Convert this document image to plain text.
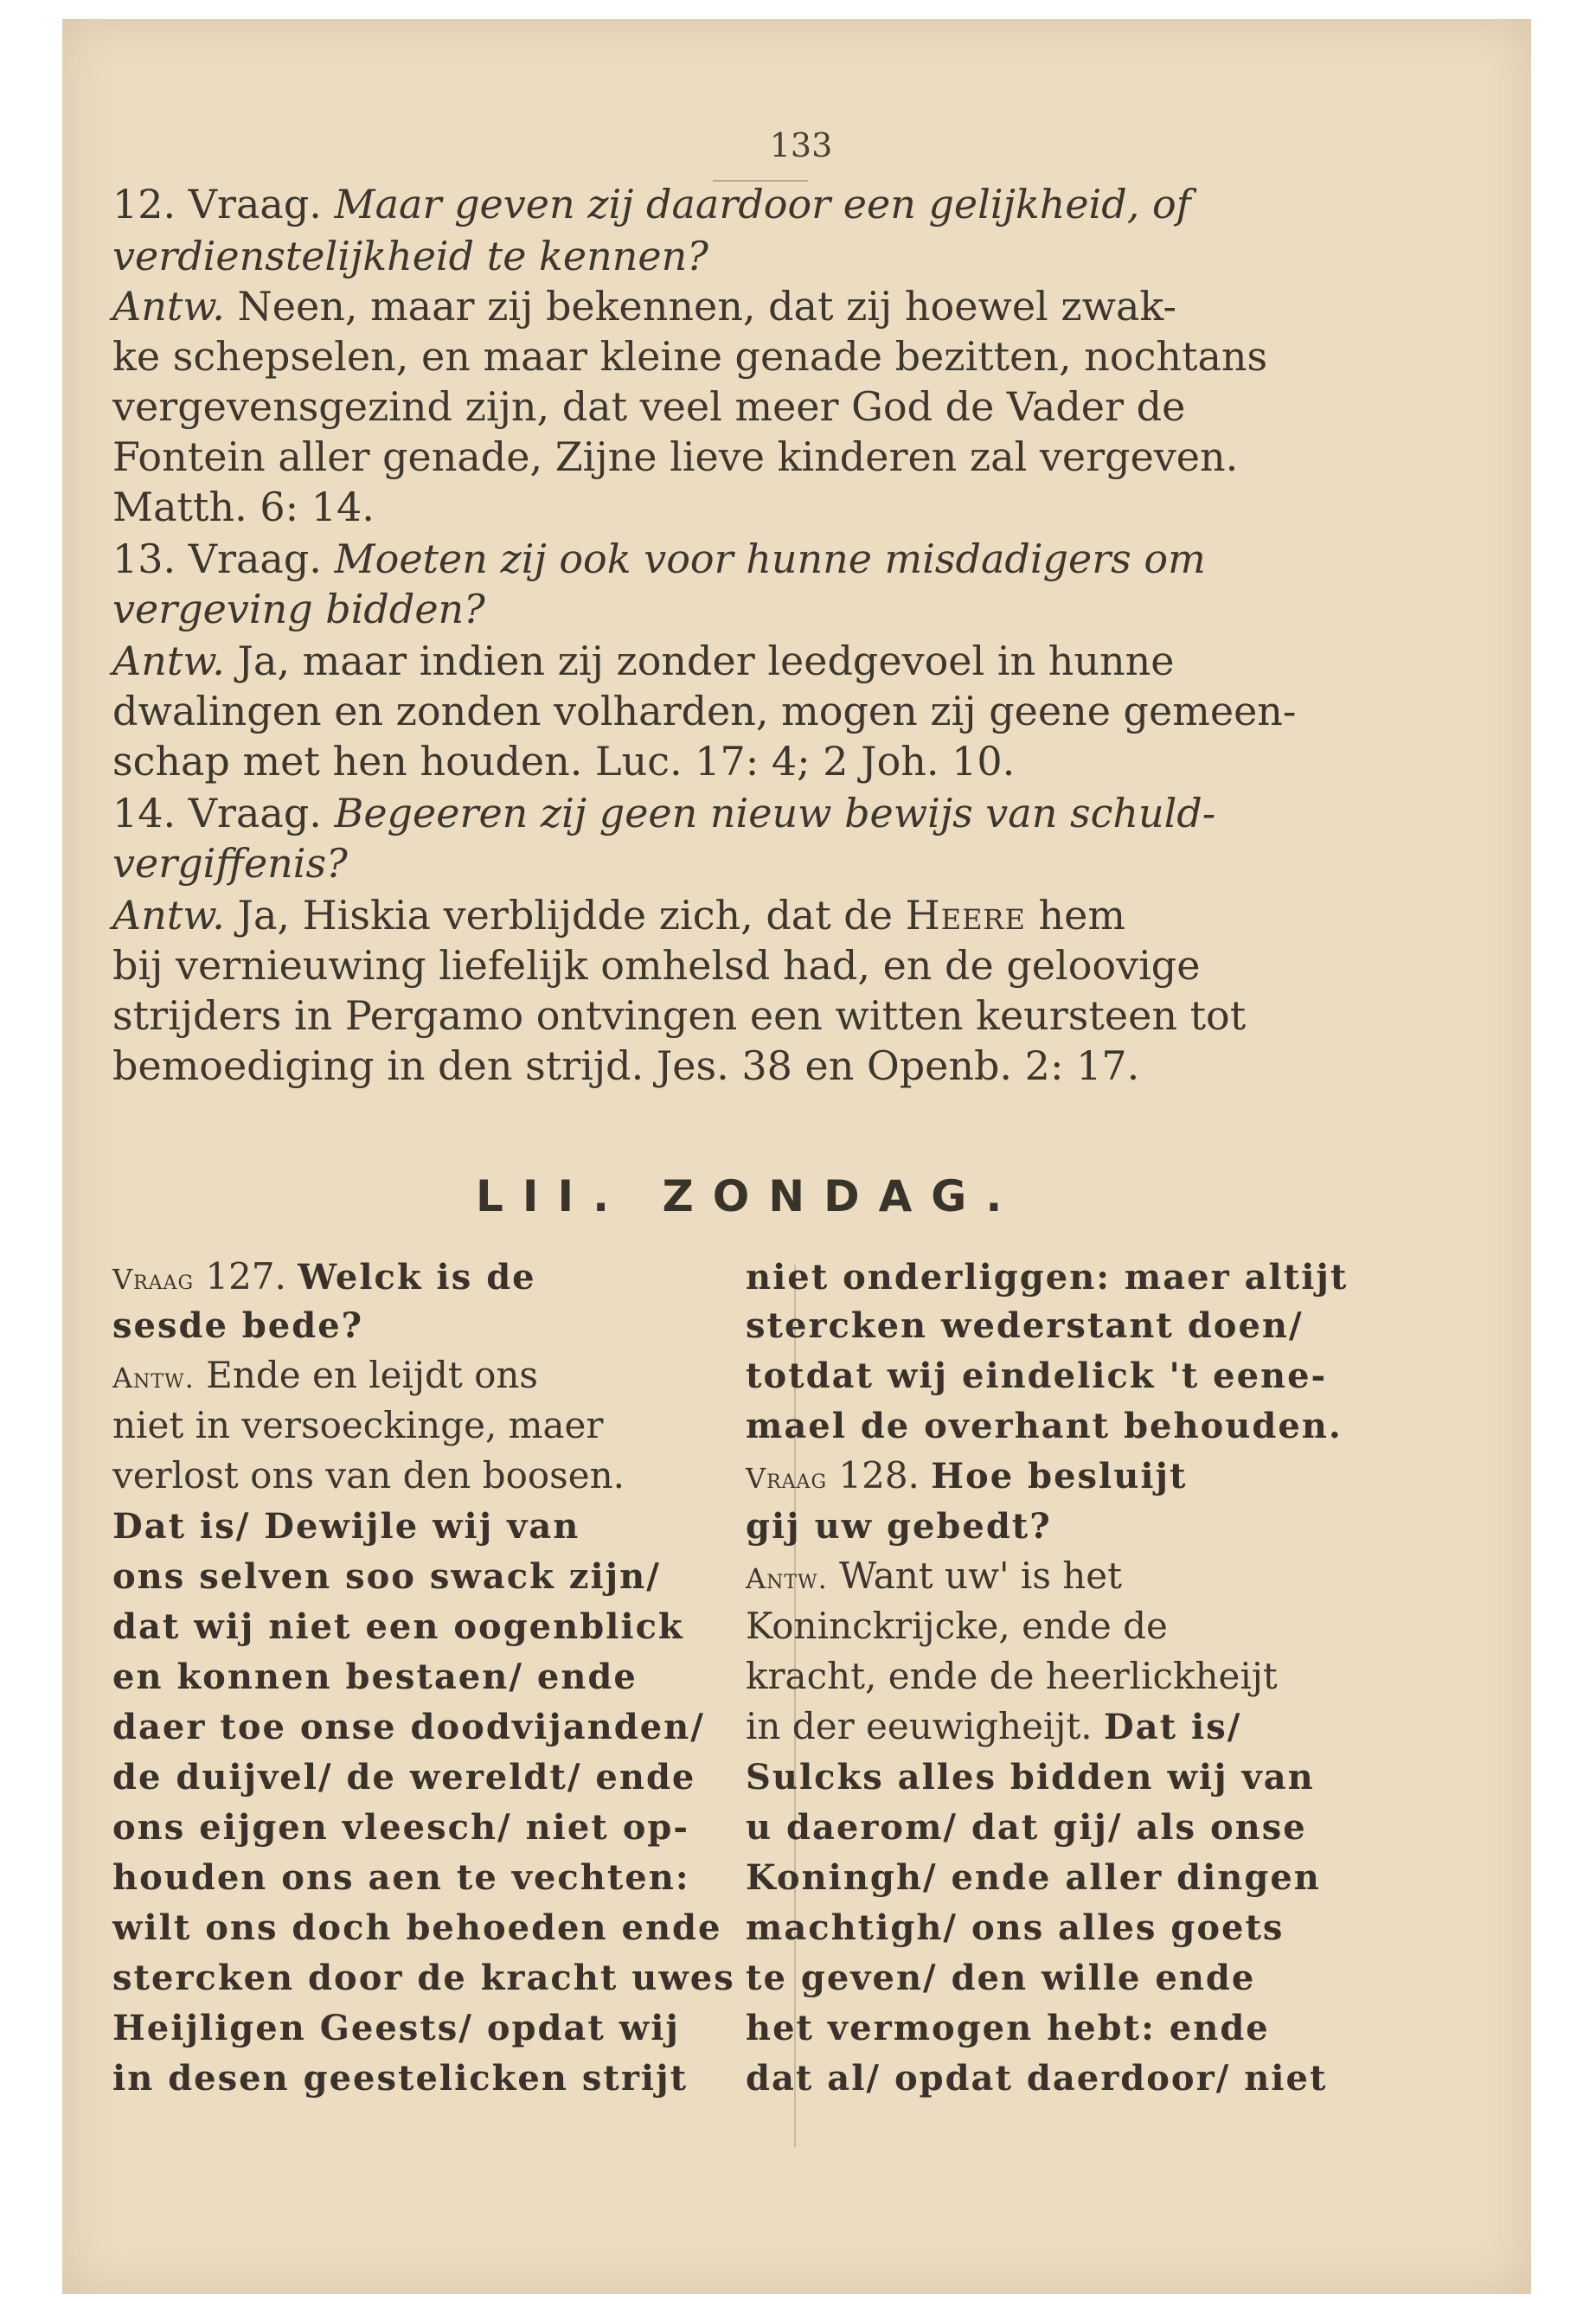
133
12. Vraag. Maar geven zij daardoor een gelijkheid, of
verdienstelijkheid te kennen?
Antw. Neen, maar zij bekennen, dat zij hoewel zwak-
ke schepselen, en maar kleine genade bezitten, nochtans
vergevensgezind zijn, dat veel meer God de Vader de
Fontein aller genade, Zijne lieve kinderen zal vergeven.
Matth. 6: 14.
13. Vraag. Moeten zij ook voor hunne misdadigers om
vergeving bidden?
Antw. Ja, maar indien zij zonder leedgevoel in hunne
dwalingen en zonden volharden, mogen zij geene gemeen-
schap met hen houden. Luc. 17: 4; 2 Joh. 10.
14. Vraag. Begeeren zij geen nieuw bewijs van schuld-
vergiffenis?
Antw. Ja, Hiskia verblijdde zich, dat de Heere hem
bij vernieuwing liefelijk omhelsd had, en de geloovige
strijders in Pergamo ontvingen een witten keursteen tot
bemoediging in den strijd. Jes. 38 en Openb. 2: 17.
LII. ZONDAG.
Vraag 127. Welck is de
sesde bede?
Antw. Ende en leijdt ons
niet in versoeckinge, maer
verlost ons van den boosen.
Dat is/ Dewijle wij van
ons selven soo swack zijn/
dat wij niet een oogenblick
en konnen bestaen/ ende
daer toe onse doodvijanden/
de duijvel/ de wereldt/ ende
ons eijgen vleesch/ niet op-
houden ons aen te vechten:
wilt ons doch behoeden ende
stercken door de kracht uwes
Heijligen Geests/ opdat wij
in desen geestelicken strijt
niet onderliggen: maer altijt
stercken wederstant doen/
totdat wij eindelick 't eene-
mael de overhant behouden.
Vraag 128. Hoe besluijt
gij uw gebedt?
Antw. Want uw' is het
Koninckrijcke, ende de
kracht, ende de heerlickheijt
in der eeuwigheijt. Dat is/
Sulcks alles bidden wij van
u daerom/ dat gij/ als onse
Koningh/ ende aller dingen
machtigh/ ons alles goets
te geven/ den wille ende
het vermogen hebt: ende
dat al/ opdat daerdoor/ niet
